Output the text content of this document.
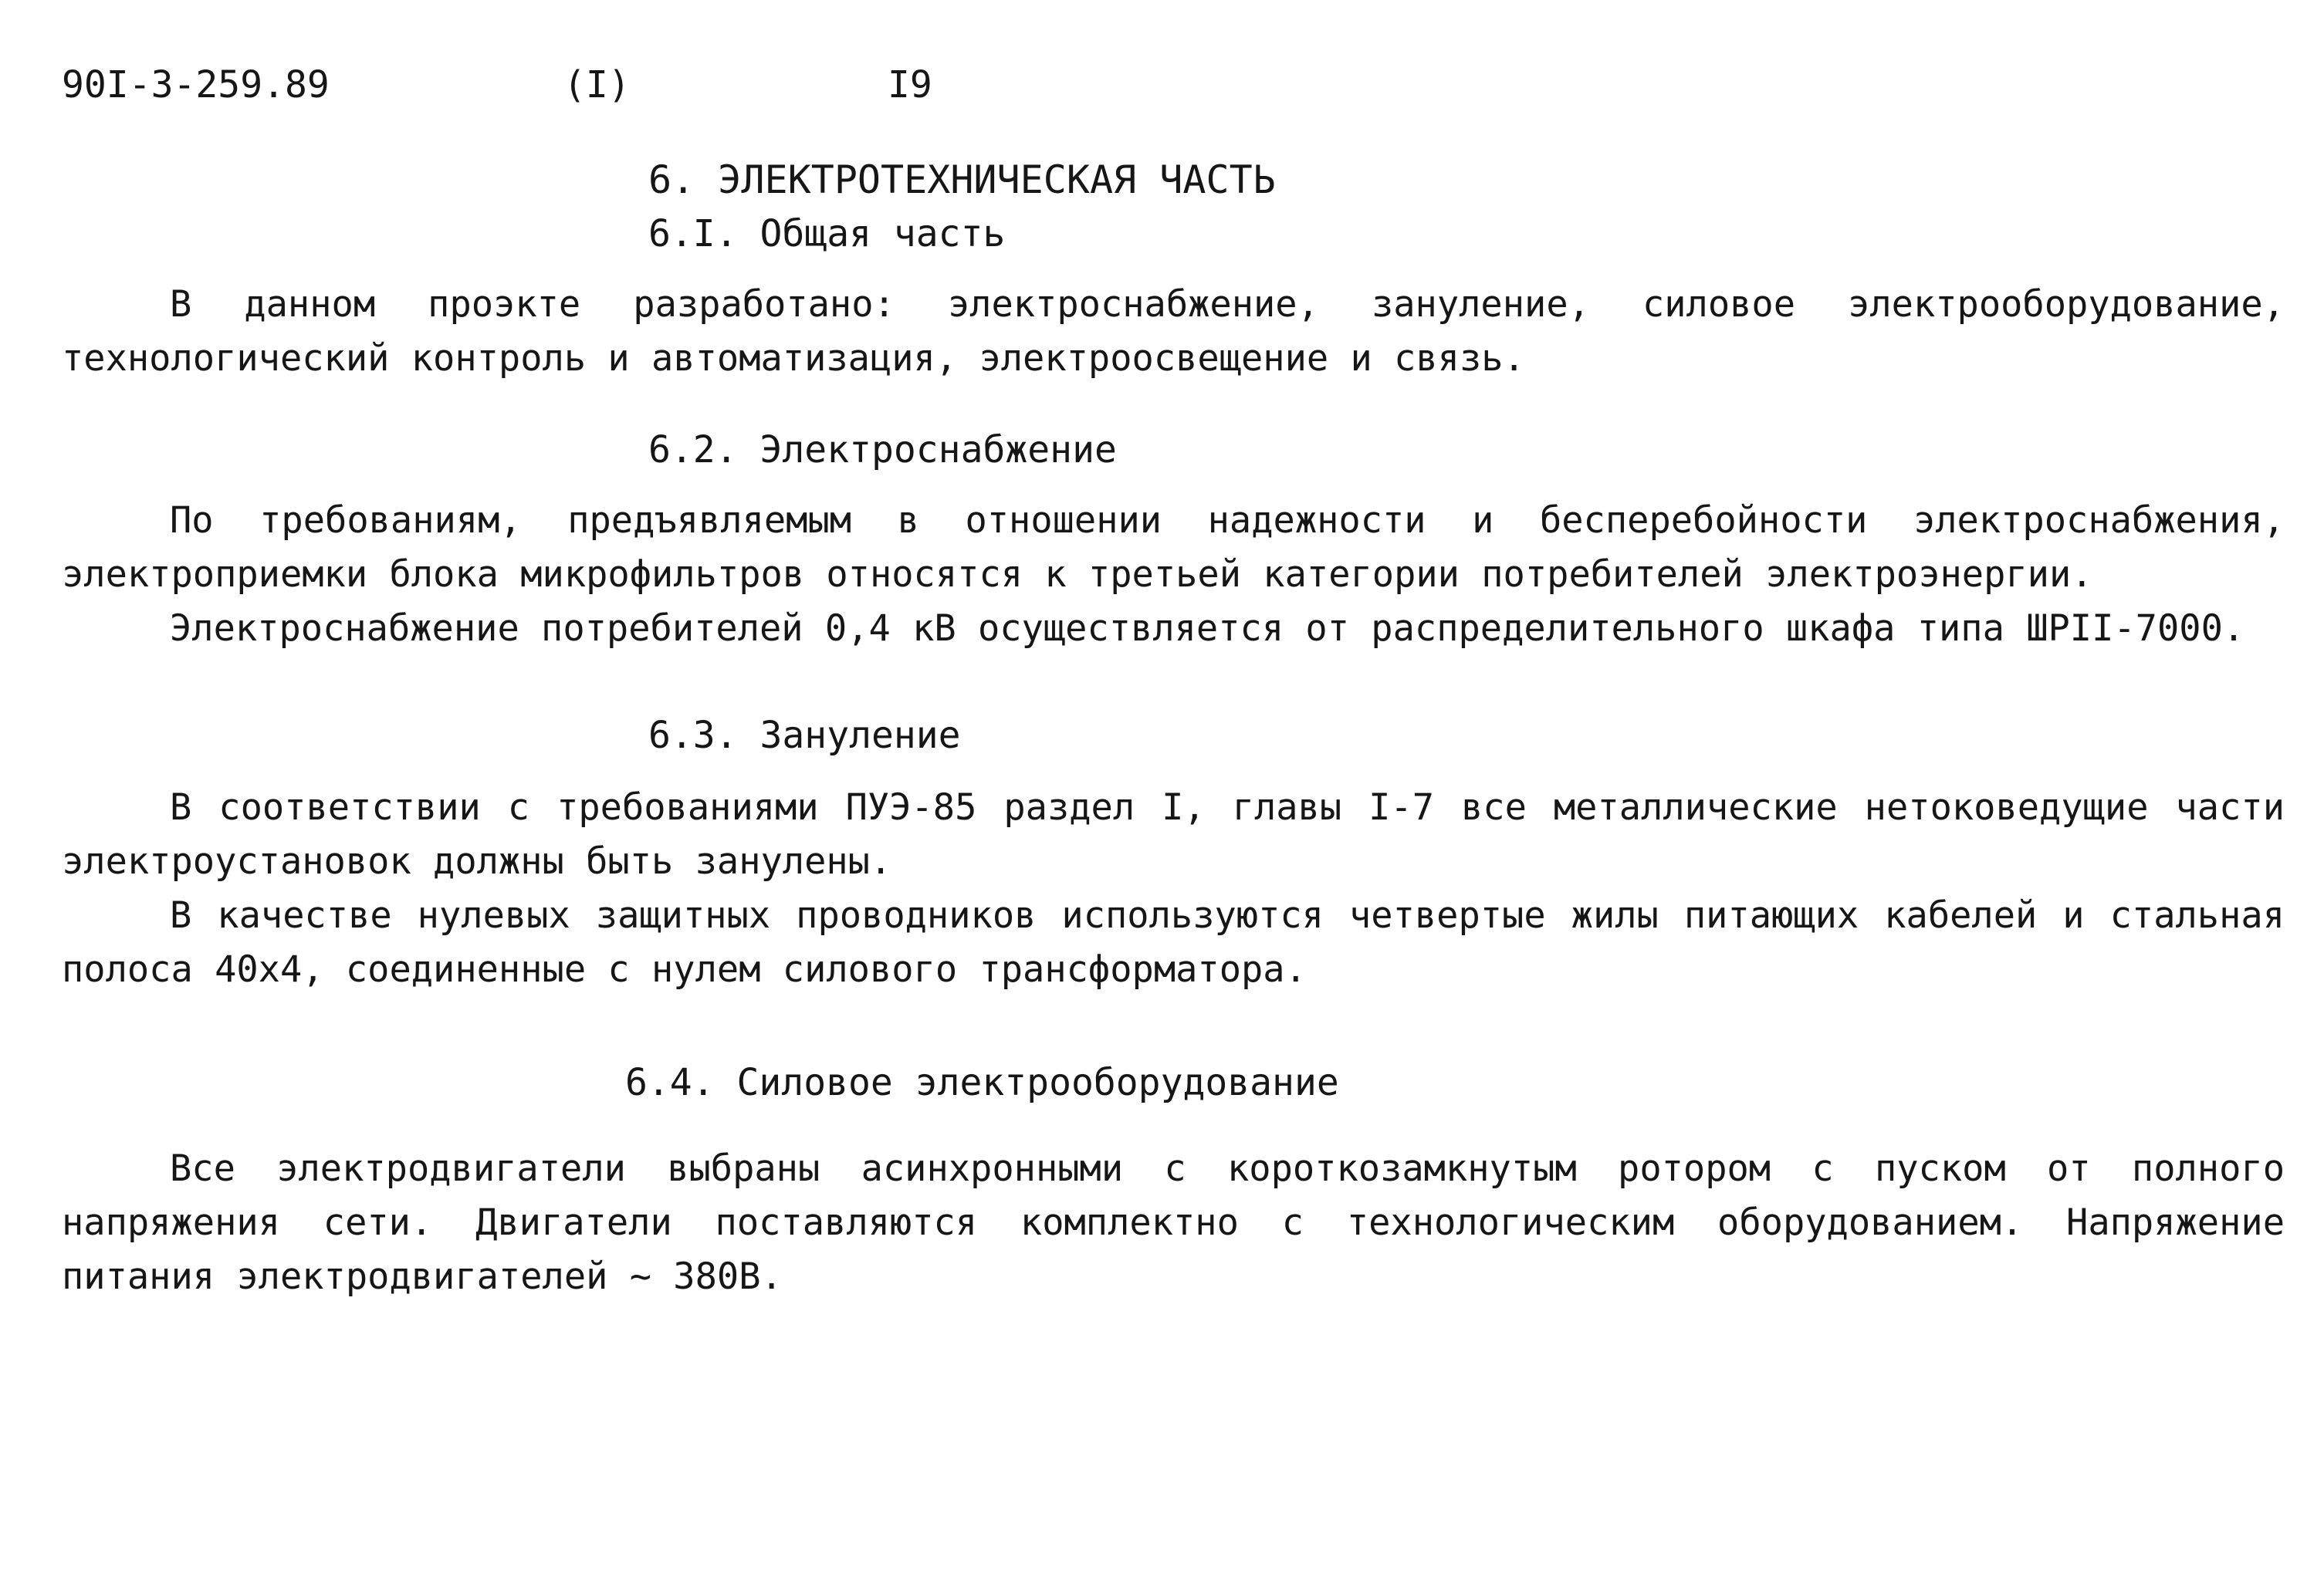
90I-3-259.89	(I)	I9
6. ЭЛЕКТРОТЕХНИЧЕСКАЯ ЧАСТЬ
6.I. Общая часть

В данном проэкте разработано: электроснабжение, зануление, силовое электрооборудование, технологический контроль и автоматизация, электроосвещение и связь.

6.2. Электроснабжение

По требованиям, предъявляемым в отношении надежности и бесперебойности электроснабжения, электроприемки блока микрофильтров относятся к третьей категории потребителей электроэнергии.

Электроснабжение потребителей 0,4 кВ осуществляется от распределительного шкафа типа ШРII-7000.

6.3. Зануление

В соответствии с требованиями ПУЭ-85 раздел I, главы I-7 все металлические нетоковедущие части электроустановок должны быть занулены.

В качестве нулевых защитных проводников используются четвертые жилы питающих кабелей и стальная полоса 40х4, соединенные с нулем силового трансформатора.

6.4. Силовое электрооборудование

Все электродвигатели выбраны асинхронными с короткозамкнутым ротором с пуском от полного напряжения сети. Двигатели поставляются комплектно с технологическим оборудованием. Напряжение питания электродвигателей ~ 380В.
